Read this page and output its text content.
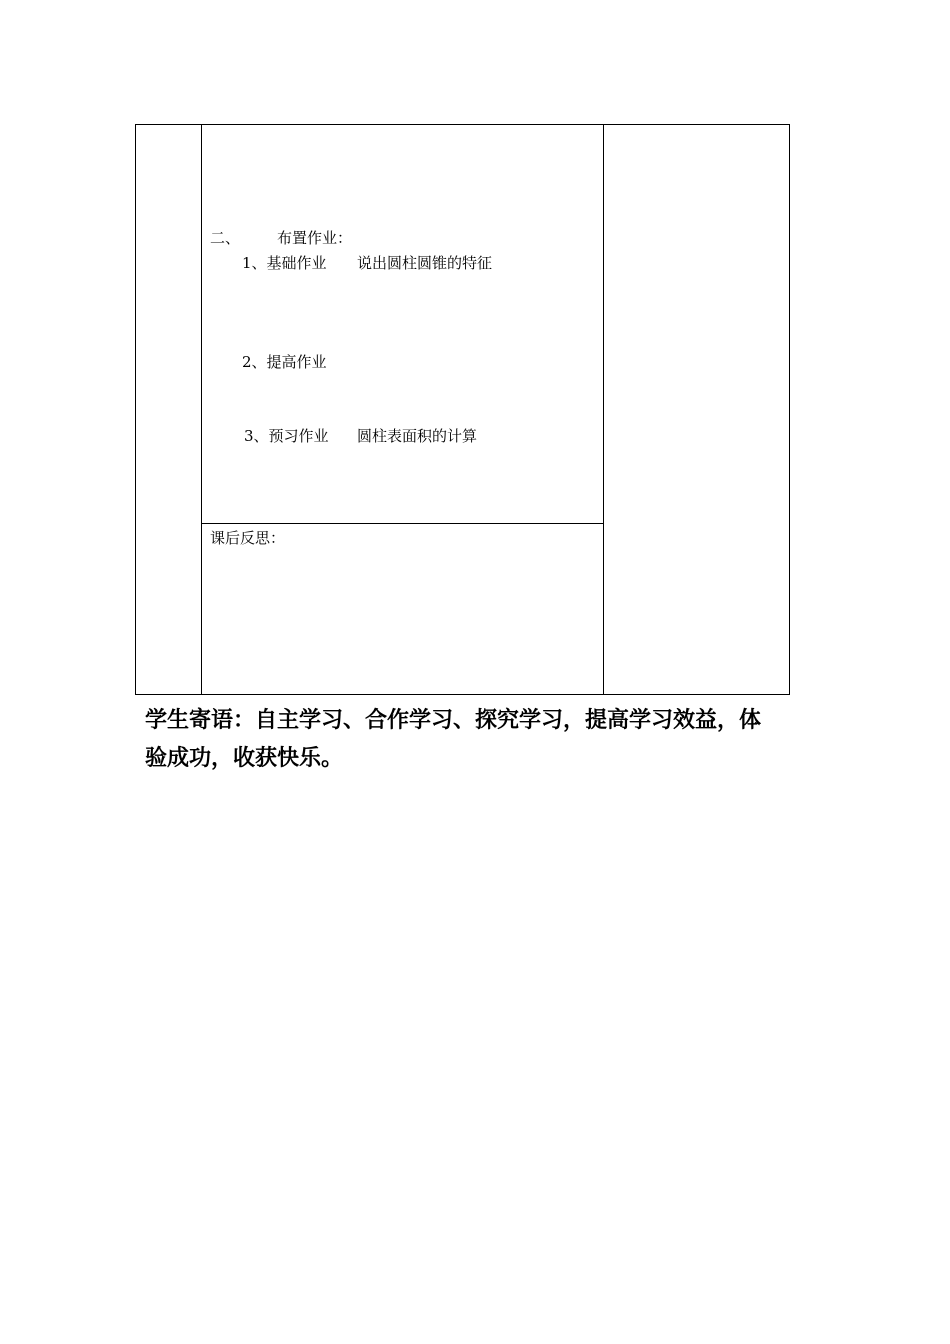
二、 布置作业：
1、基础作业 说出圆柱圆锥的特征
2、提高作业
3、预习作业 圆柱表面积的计算
课后反思：
学生寄语：自主学习、合作学习、探究学习，提高学习效益，体
验成功，收获快乐。
